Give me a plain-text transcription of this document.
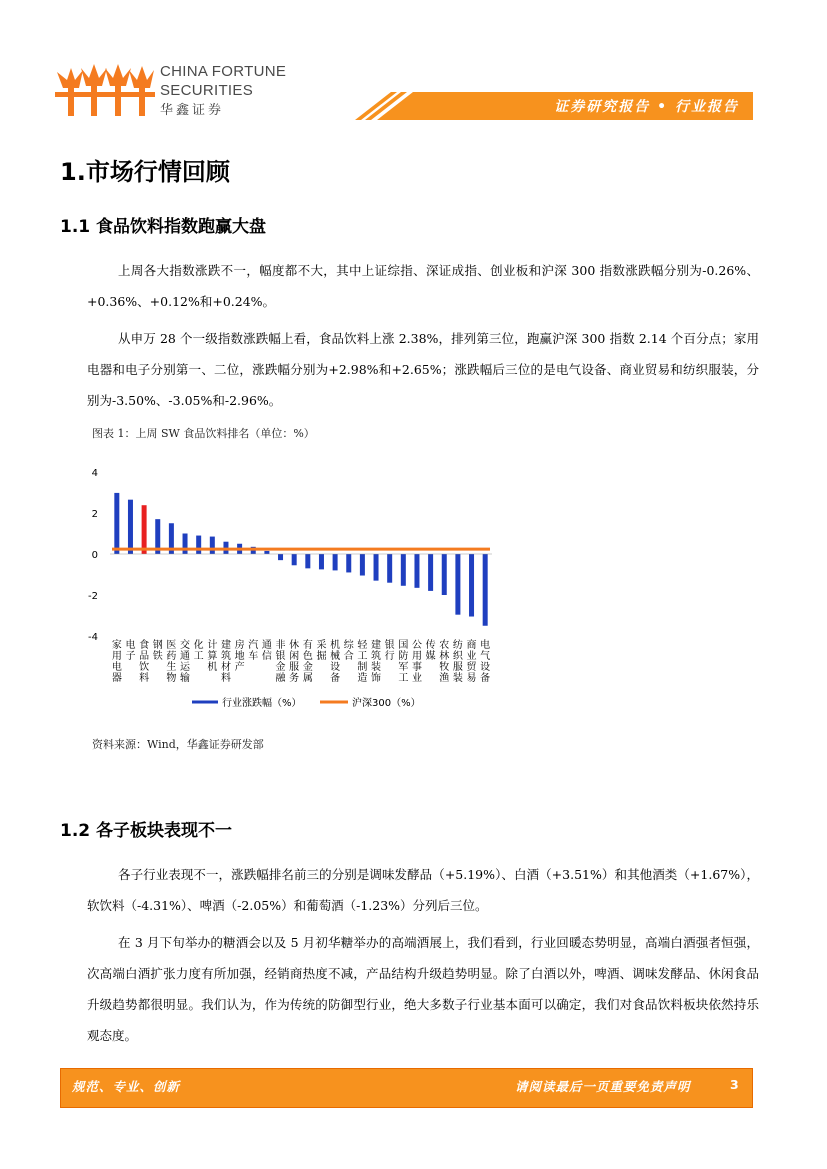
CHINA FORTUNE
SECURITIES
华鑫证券	证券研究报告 • 行业报告
1.市场行情回顾
1.1 食品饮料指数跑赢大盘
上周各大指数涨跌不一，幅度都不大，其中上证综指、深证成指、创业板和沪深 300 指数涨跌幅分别为-0.26%、+0.36%、+0.12%和+0.24%。
从申万 28 个一级指数涨跌幅上看，食品饮料上涨 2.38%，排列第三位，跑赢沪深 300 指数 2.14 个百分点；家用电器和电子分别第一、二位，涨跌幅分别为+2.98%和+2.65%；涨跌幅后三位的是电气设备、商业贸易和纺织服装，分别为-3.50%、-3.05%和-2.96%。
图表 1：上周 SW 食品饮料排名（单位：%）
4
2
0
-2
-4
家
用
电
器
电
子
食
品
饮
料
钢
铁
医
药
生
物
交
通
运
输
化
工
计
算
机
建
筑
材
料
房
地
产
汽
车
通
信
非
银
金
融
休
闲
服
务
有
色
金
属
采
掘
机
械
设
备
综
合
轻
工
制
造
建
筑
装
饰
银
行
国
防
军
工
公
用
事
业
传
媒
农
林
牧
渔
纺
织
服
装
商
业
贸
易
电
气
设
备
行业涨跌幅（%）	沪深300（%）
资料来源：Wind，华鑫证券研发部
1.2 各子板块表现不一
各子行业表现不一，涨跌幅排名前三的分别是调味发酵品（+5.19%）、白酒（+3.51%）和其他酒类（+1.67%），软饮料（-4.31%）、啤酒（-2.05%）和葡萄酒（-1.23%）分列后三位。
在 3 月下旬举办的糖酒会以及 5 月初华糖举办的高端酒展上，我们看到，行业回暖态势明显，高端白酒强者恒强，次高端白酒扩张力度有所加强，经销商热度不减，产品结构升级趋势明显。除了白酒以外，啤酒、调味发酵品、休闲食品升级趋势都很明显。我们认为，作为传统的防御型行业，绝大多数子行业基本面可以确定，我们对食品饮料板块依然持乐观态度。
规范、专业、创新	请阅读最后一页重要免责声明	3
